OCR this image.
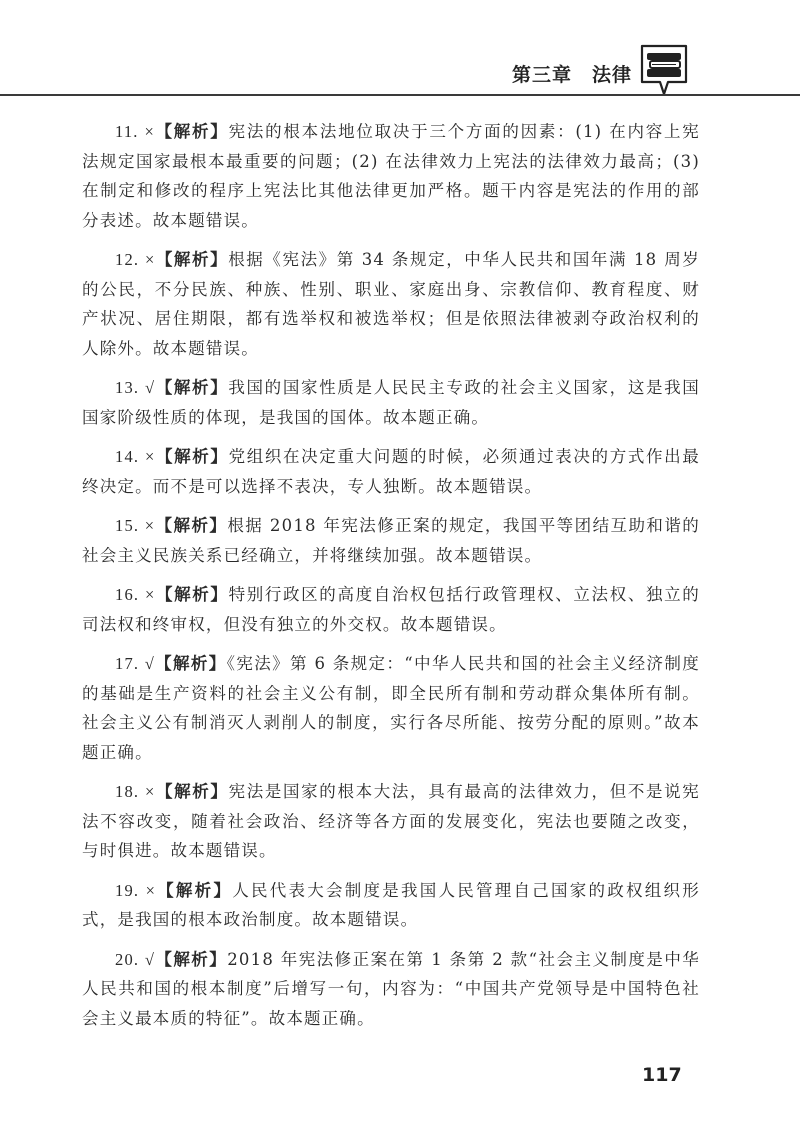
第三章　法律

11. ×【解析】宪法的根本法地位取决于三个方面的因素：(1) 在内容上宪法规定国家最根本最重要的问题；(2) 在法律效力上宪法的法律效力最高；(3) 在制定和修改的程序上宪法比其他法律更加严格。题干内容是宪法的作用的部分表述。故本题错误。

12. ×【解析】根据《宪法》第 34 条规定，中华人民共和国年满 18 周岁的公民，不分民族、种族、性别、职业、家庭出身、宗教信仰、教育程度、财产状况、居住期限，都有选举权和被选举权；但是依照法律被剥夺政治权利的人除外。故本题错误。

13. √【解析】我国的国家性质是人民民主专政的社会主义国家，这是我国国家阶级性质的体现，是我国的国体。故本题正确。

14. ×【解析】党组织在决定重大问题的时候，必须通过表决的方式作出最终决定。而不是可以选择不表决，专人独断。故本题错误。

15. ×【解析】根据 2018 年宪法修正案的规定，我国平等团结互助和谐的社会主义民族关系已经确立，并将继续加强。故本题错误。

16. ×【解析】特别行政区的高度自治权包括行政管理权、立法权、独立的司法权和终审权，但没有独立的外交权。故本题错误。

17. √【解析】《宪法》第 6 条规定：“中华人民共和国的社会主义经济制度的基础是生产资料的社会主义公有制，即全民所有制和劳动群众集体所有制。社会主义公有制消灭人剥削人的制度，实行各尽所能、按劳分配的原则。”故本题正确。

18. ×【解析】宪法是国家的根本大法，具有最高的法律效力，但不是说宪法不容改变，随着社会政治、经济等各方面的发展变化，宪法也要随之改变，与时俱进。故本题错误。

19. ×【解析】人民代表大会制度是我国人民管理自己国家的政权组织形式，是我国的根本政治制度。故本题错误。

20. √【解析】2018 年宪法修正案在第 1 条第 2 款“社会主义制度是中华人民共和国的根本制度”后增写一句，内容为：“中国共产党领导是中国特色社会主义最本质的特征”。故本题正确。

117
